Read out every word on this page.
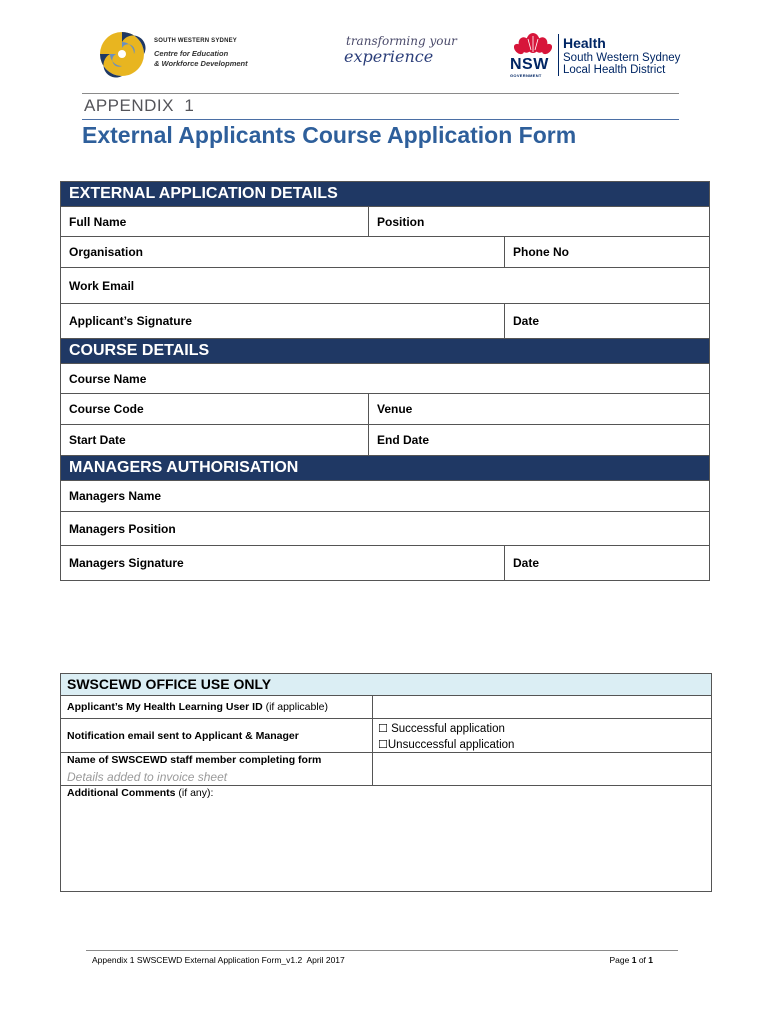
SOUTH WESTERN SYDNEY
Centre for Education
& Workforce Development
transforming your
experience	NSW
GOVERNMENT
Health
South Western Sydney
Local Health District
APPENDIX  1
External Applicants Course Application Form
EXTERNAL APPLICATION DETAILS
Full Name	Position
Organisation	Phone No
Work Email
Applicant’s Signature	Date
COURSE DETAILS
Course Name
Course Code	Venue
Start Date	End Date
MANAGERS AUTHORISATION
Managers Name
Managers Position
Managers Signature	Date
SWSCEWD OFFICE USE ONLY
Applicant’s My Health Learning User ID (if applicable)
Notification email sent to Applicant & Manager
☐ Successful application
☐Unsuccessful application
Name of SWSCEWD staff member completing form
Details added to invoice sheet
Additional Comments (if any):
Appendix 1 SWSCEWD External Application Form_v1.2  April 2017	Page 1 of 1
